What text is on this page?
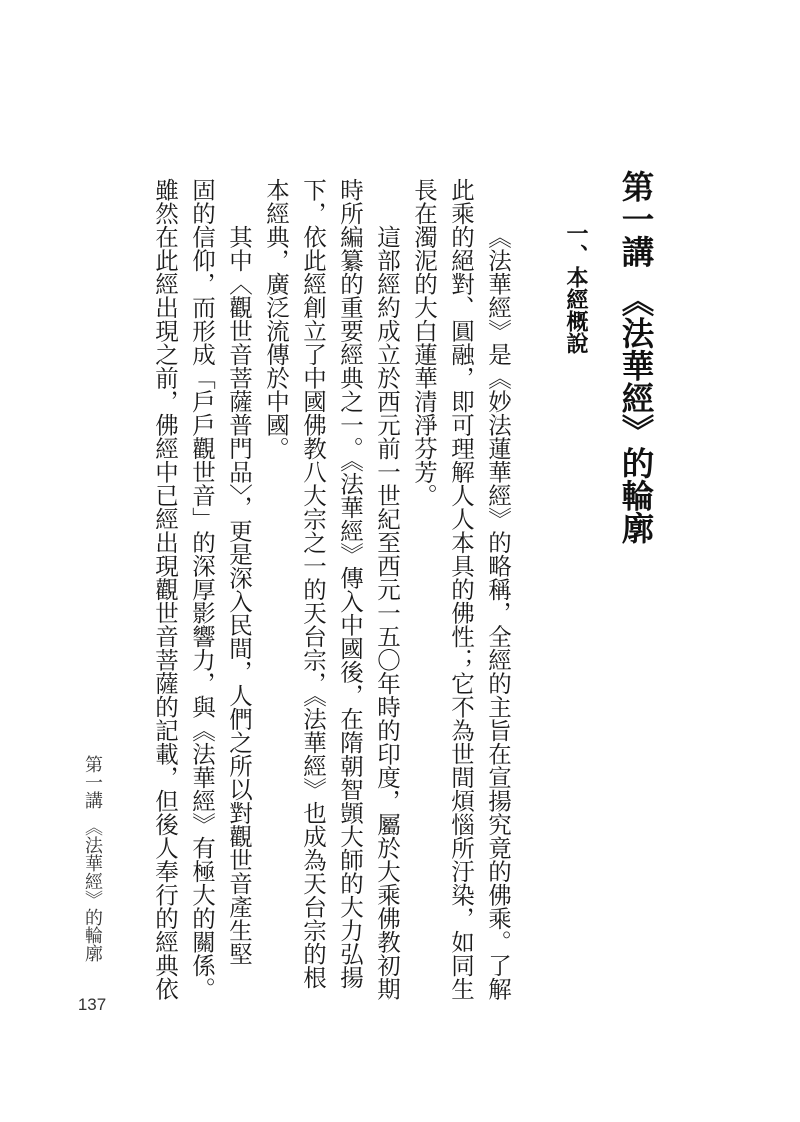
第一講　《法華經》的輪廓
一、本經概說

《法華經》是《妙法蓮華經》的略稱，全經的主旨在宣揚究竟的佛乘。了解

此乘的絕對、圓融，即可理解人人本具的佛性；它不為世間煩惱所汙染，如同生

長在濁泥的大白蓮華清淨芬芳。

這部經約成立於西元前一世紀至西元一五〇年時的印度，屬於大乘佛教初期

時所編纂的重要經典之一。《法華經》傳入中國後，在隋朝智顗大師的大力弘揚

下，依此經創立了中國佛教八大宗之一的天台宗，《法華經》也成為天台宗的根

本經典，廣泛流傳於中國。

其中〈觀世音菩薩普門品〉，更是深入民間，人們之所以對觀世音產生堅

固的信仰，而形成「戶戶觀世音」的深厚影響力，與《法華經》有極大的關係。

雖然在此經出現之前，佛經中已經出現觀世音菩薩的記載，但後人奉行的經典依

第一講　《法華經》的輪廓
137
